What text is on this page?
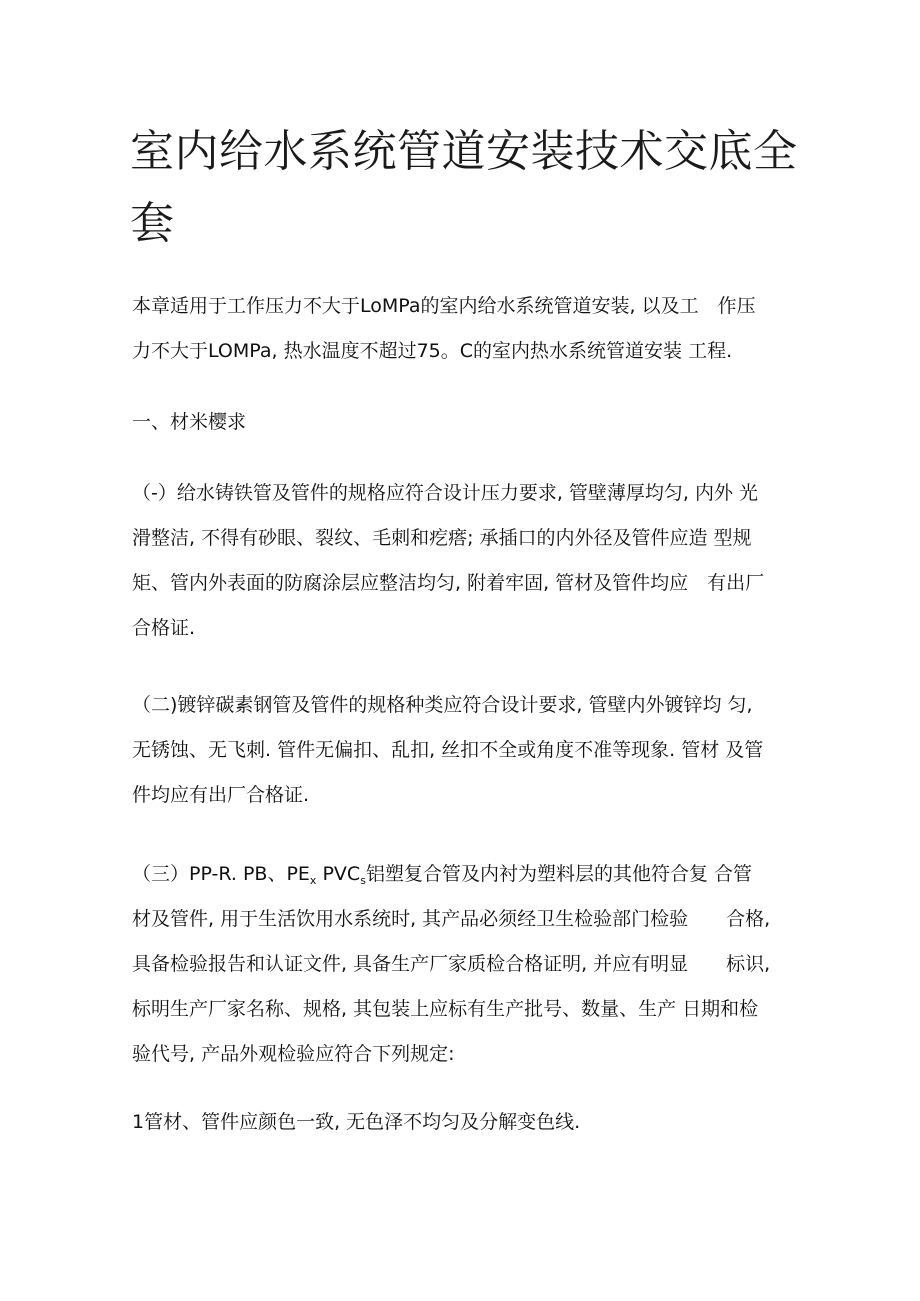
室内给水系统管道安装技术交底全
套

本章适用于工作压力不大于LoMPa的室内给水系统管道安装, 以及工　作压
力不大于LOMPa, 热水温度不超过75。C的室内热水系统管道安装 工程.

一、材米樱求

（-）给水铸铁管及管件的规格应符合设计压力要求, 管壁薄厚均匀, 内外 光
滑整洁, 不得有砂眼、裂纹、毛刺和疙瘩; 承插口的内外径及管件应造 型规
矩、管内外表面的防腐涂层应整洁均匀, 附着牢固, 管材及管件均应　有出厂
合格证.

（二)镀锌碳素钢管及管件的规格种类应符合设计要求, 管壁内外镀锌均 匀,
无锈蚀、无飞刺. 管件无偏扣、乱扣, 丝扣不全或角度不准等现象. 管材 及管
件均应有出厂合格证.

（三）PP-R. PB、$PE_x$ $PVC_s$铝塑复合管及内衬为塑料层的其他符合复 合管
材及管件, 用于生活饮用水系统时, 其产品必须经卫生检验部门检验　　合格,
具备检验报告和认证文件, 具备生产厂家质检合格证明, 并应有明显　　标识,
标明生产厂家名称、规格, 其包装上应标有生产批号、数量、生产 日期和检
验代号, 产品外观检验应符合下列规定:

1管材、管件应颜色一致, 无色泽不均匀及分解变色线.
